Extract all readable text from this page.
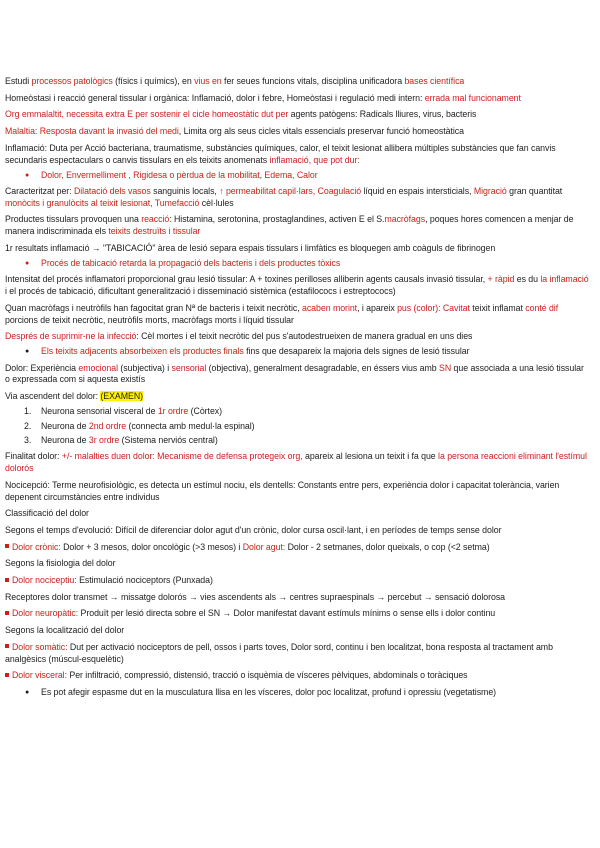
Estudi processos patològics (físics i químics), en vius en fer seues funcions vitals, disciplina unificadora bases científica
Homeòstasi i reacció general tissular i orgànica: Inflamació, dolor i febre, Homeòstasi i regulació medi intern: errada mal funcionament
Org emmalaltit, necessita extra E per sostenir el cicle homeostàtic dut per agents patògens: Radicals lliures, virus, bacteris
Malaltia: Resposta davant la invasió del medi, Limita org als seus cicles vitals essencials preservar funció homeostàtica
Inflamació: Duta per Acció bacteriana, traumatisme, substàncies químiques, calor, el teixit lesionat allibera múltiples substàncies que fan canvis secundaris espectaculars o canvis tissulars en els teixits anomenats inflamació, que pot dur:
● Dolor, Envermelliment , Rigidesa o pèrdua de la mobilitat, Edema, Calor
Caracteritzat per: Dilatació dels vasos sanguinis locals, ↑ permeabilitat capil·lars, Coagulació líquid en espais intersticials, Migració gran quantitat monòcits i granulòcits al teixit lesionat, Tumefacció cèl·lules
Productes tissulars provoquen una reacció: Histamina, serotonina, prostaglandines, activen E el S.macròfags, poques hores comencen a menjar de manera indiscriminada els teixits destruïts i tissular
1r resultats inflamació → "TABICACIÓ" àrea de lesió separa espais tissulars i limfàtics es bloquegen amb coàguls de fibrinogen
● Procés de tabicació retarda la propagació dels bacteris i dels productes tòxics
Intensitat del procés inflamatori proporcional grau lesió tissular: A + toxines perilloses alliberin agents causals invasió tissular, + ràpid es du la inflamació i el procés de tabicació, dificultant generalització i disseminació sistèmica (estafilococs i estreptococs)
Quan macròfags i neutròfils han fagocitat gran Nª de bacteris i teixit necròtic, acaben morint, i apareix pus (color): Cavitat teixit inflamat conté dif porcions de teixit necròtic, neutròfils morts, macròfags morts i líquid tissular
Després de suprimir-ne la infecció: Cèl mortes i el teixit necròtic del pus s'autodestrueixen de manera gradual en uns dies
● Els teixits adjacents absorbeixen els productes finals fins que desapareix la majoria dels signes de lesió tissular
Dolor: Experiència emocional (subjectiva) i sensorial (objectiva), generalment desagradable, en éssers vius amb SN que associada a una lesió tissular o expressada com si aquesta existís
Via ascendent del dolor: (EXAMEN)
1. Neurona sensorial visceral de 1r ordre (Còrtex)
2. Neurona de 2nd ordre (connecta amb medul·la espinal)
3. Neurona de 3r ordre (Sistema nerviós central)
Finalitat dolor: +/- malalties duen dolor: Mecanisme de defensa protegeix org, apareix al lesiona un teixit i fa que la persona reaccioni eliminant l'estímul dolorós
Nocicepció: Terme neurofisiològic, es detecta un estímul nociu, els dentells: Constants entre pers, experiència dolor i capacitat tolerància, varien depenent circumstàncies entre individus
Classificació del dolor
Segons el temps d'evolució: Difícil de diferenciar dolor agut d'un crònic, dolor cursa oscil·lant, i en períodes de temps sense dolor
Dolor crònic: Dolor + 3 mesos, dolor oncològic (>3 mesos) i Dolor agut: Dolor - 2 setmanes, dolor queixals, o cop (<2 setma)
Segons la fisiologia del dolor
Dolor nociceptiu: Estimulació nociceptors (Punxada)
Receptores dolor transmet → missatge dolorós → vies ascendents als → centres supraespinals → percebut → sensació dolorosa
Dolor neuropàtic: Produït per lesió directa sobre el SN → Dolor manifestat davant estímuls mínims o sense ells i dolor continu
Segons la localització del dolor
Dolor somàtic: Dut per activació nociceptors de pell, ossos i parts toves, Dolor sord, continu i ben localitzat, bona resposta al tractament amb analgèsics (múscul-esquelètic)
Dolor visceral: Per infiltració, compressió, distensió, tracció o isquèmia de vísceres pèlviques, abdominals o toràciques
● Es pot afegir espasme dut en la musculatura llisa en les vísceres, dolor poc localitzat, profund i opressiu (vegetatisme)
